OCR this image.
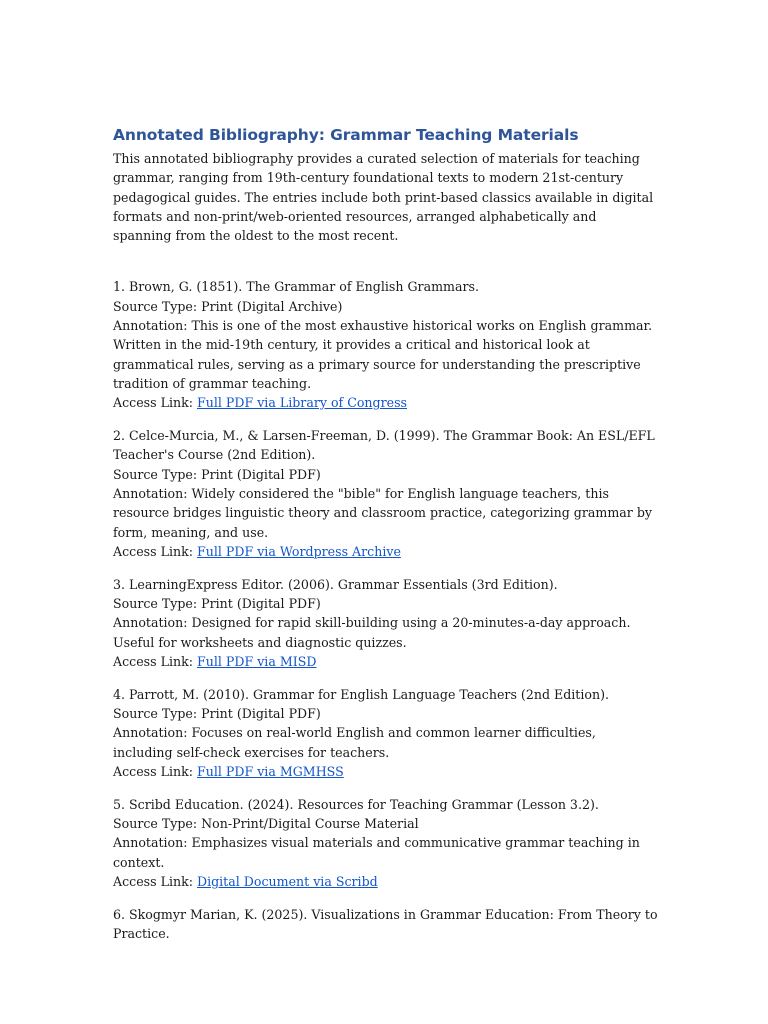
Annotated Bibliography: Grammar Teaching Materials

This annotated bibliography provides a curated selection of materials for teaching grammar, ranging from 19th-century foundational texts to modern 21st-century pedagogical guides. The entries include both print-based classics available in digital formats and non-print/web-oriented resources, arranged alphabetically and spanning from the oldest to the most recent.

1. Brown, G. (1851). The Grammar of English Grammars.

Source Type: Print (Digital Archive)

Annotation: This is one of the most exhaustive historical works on English grammar. Written in the mid-19th century, it provides a critical and historical look at grammatical rules, serving as a primary source for understanding the prescriptive tradition of grammar teaching.

Access Link: Full PDF via Library of Congress

2. Celce-Murcia, M., & Larsen-Freeman, D. (1999). The Grammar Book: An ESL/EFL Teacher's Course (2nd Edition).

Source Type: Print (Digital PDF)

Annotation: Widely considered the "bible" for English language teachers, this resource bridges linguistic theory and classroom practice, categorizing grammar by form, meaning, and use.

Access Link: Full PDF via Wordpress Archive

3. LearningExpress Editor. (2006). Grammar Essentials (3rd Edition).

Source Type: Print (Digital PDF)

Annotation: Designed for rapid skill-building using a 20-minutes-a-day approach. Useful for worksheets and diagnostic quizzes.

Access Link: Full PDF via MISD

4. Parrott, M. (2010). Grammar for English Language Teachers (2nd Edition).

Source Type: Print (Digital PDF)

Annotation: Focuses on real-world English and common learner difficulties, including self-check exercises for teachers.

Access Link: Full PDF via MGMHSS

5. Scribd Education. (2024). Resources for Teaching Grammar (Lesson 3.2).

Source Type: Non-Print/Digital Course Material

Annotation: Emphasizes visual materials and communicative grammar teaching in context.

Access Link: Digital Document via Scribd

6. Skogmyr Marian, K. (2025). Visualizations in Grammar Education: From Theory to Practice.
